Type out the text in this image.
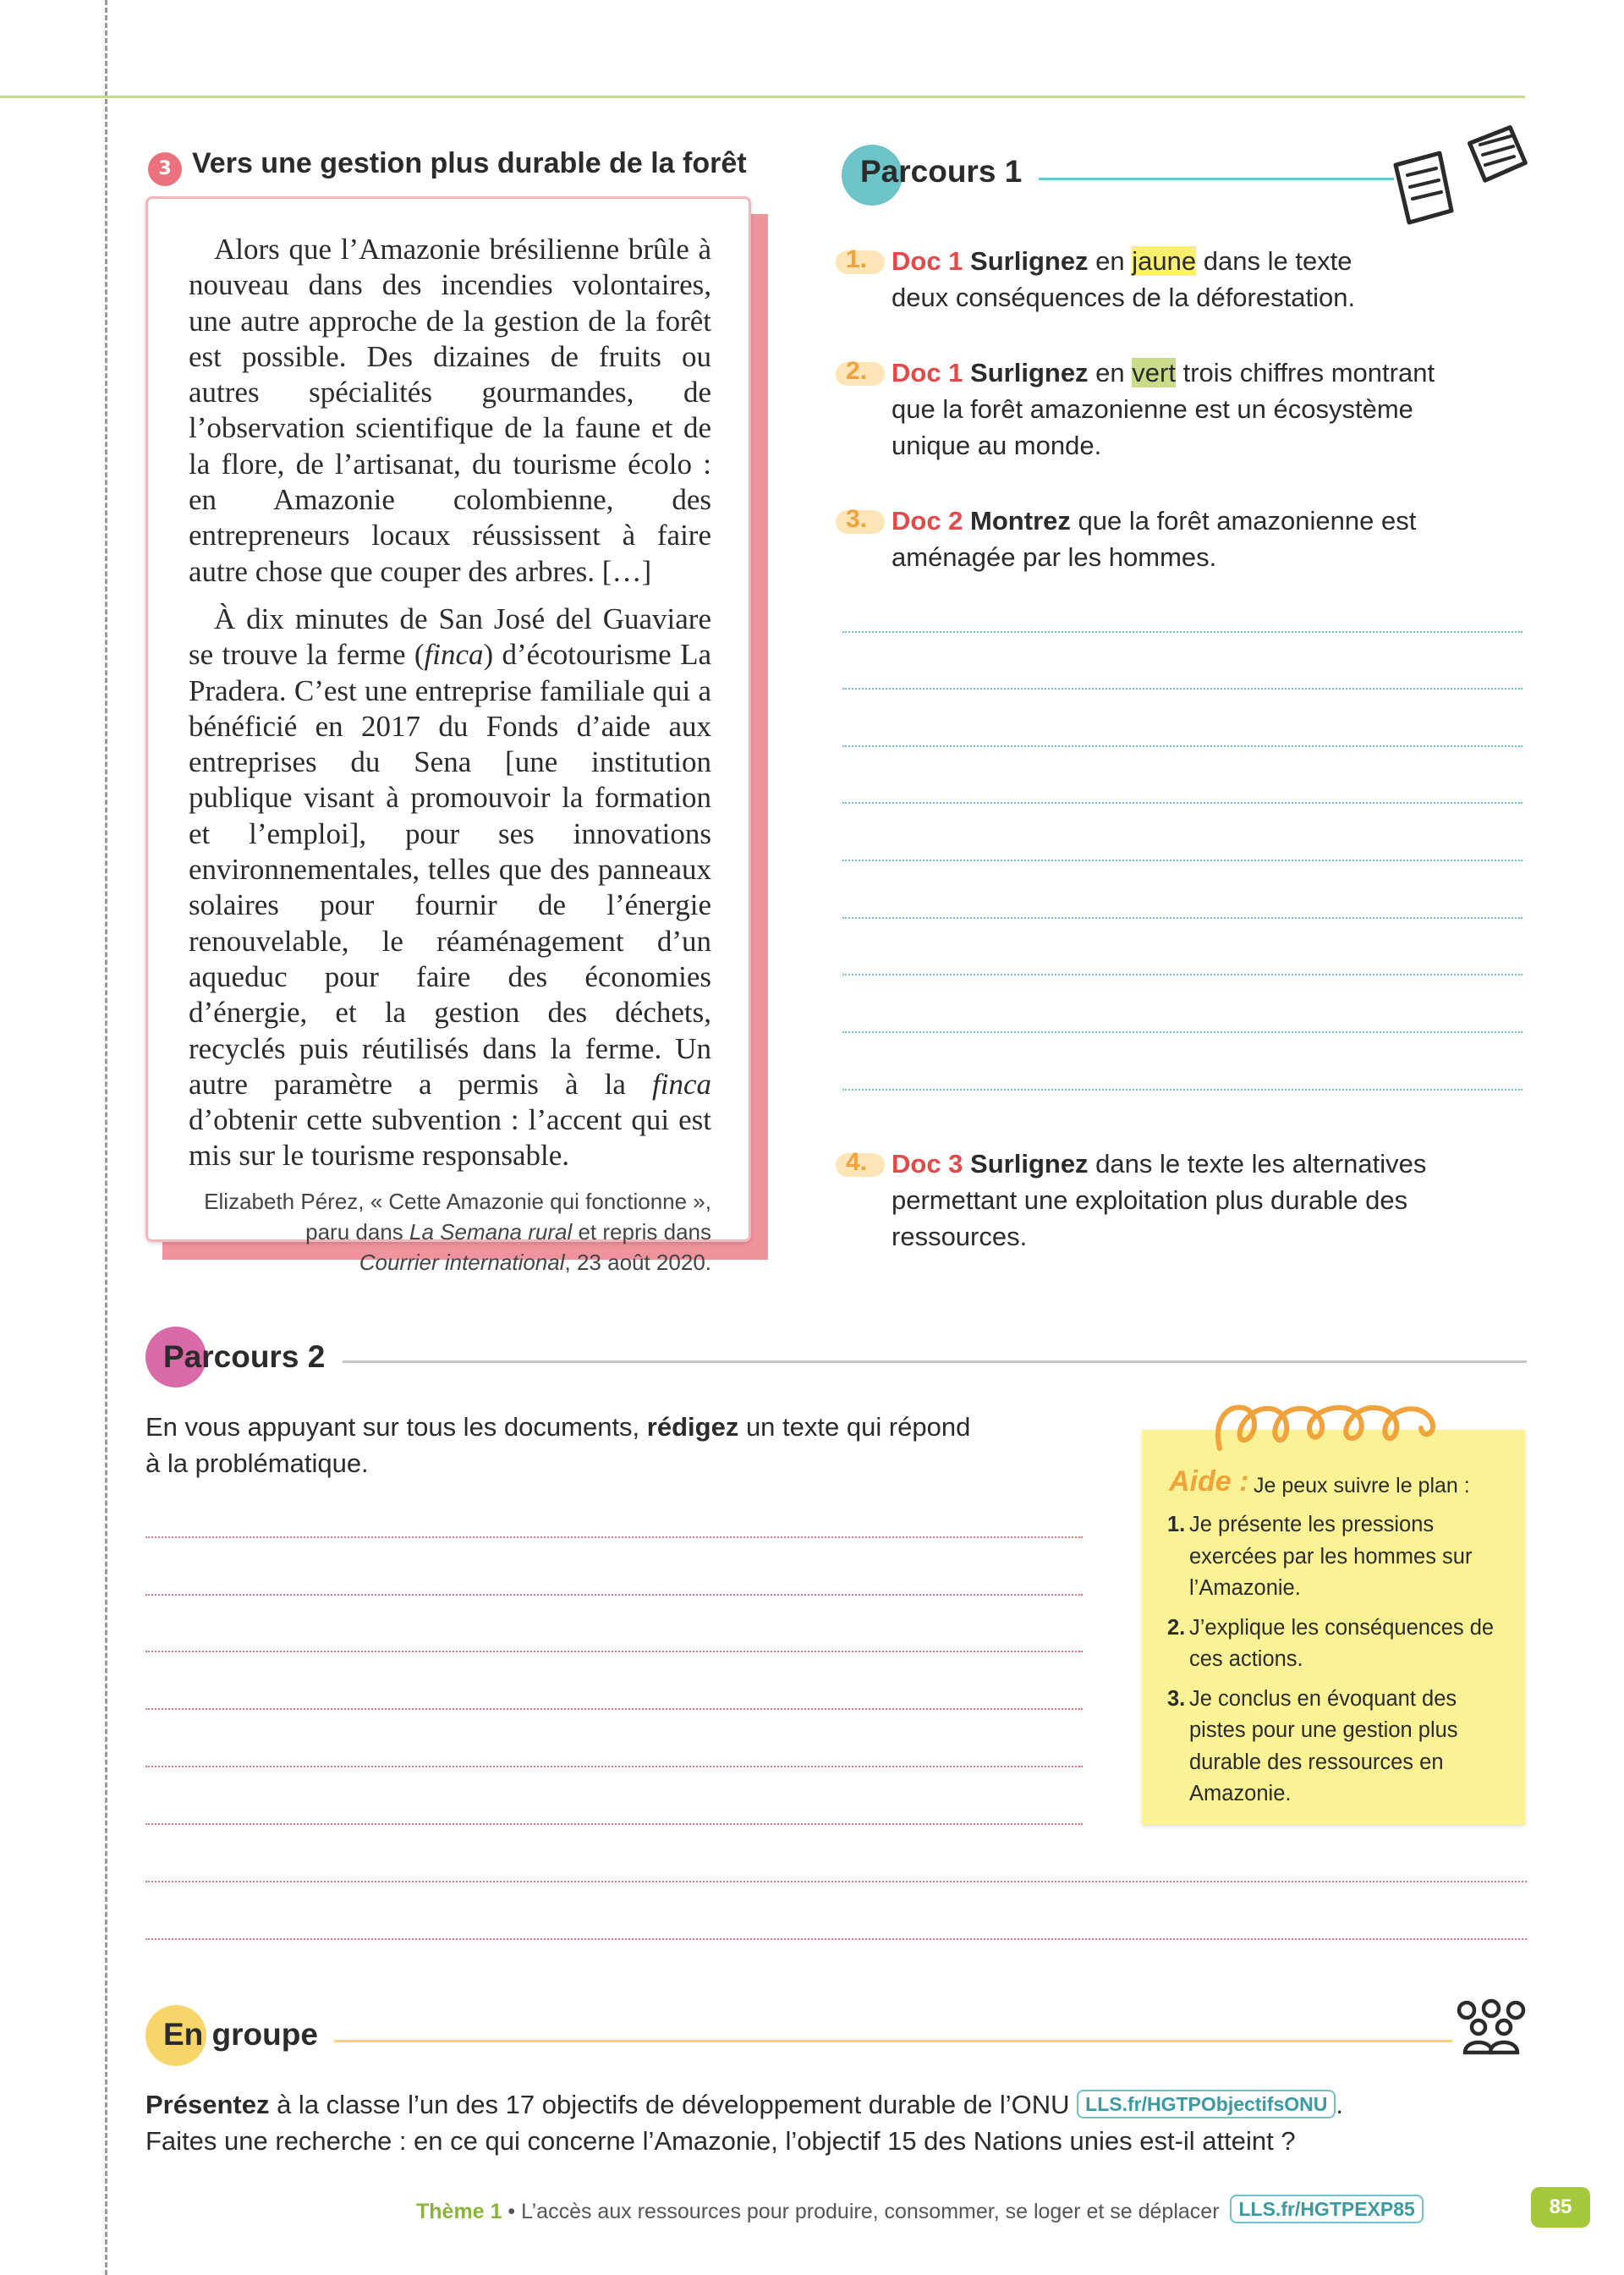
3 Vers une gestion plus durable de la forêt

Alors que l’Amazonie brésilienne brûle à nouveau dans des incendies volontaires, une autre approche de la gestion de la forêt est possible. Des dizaines de fruits ou autres spécialités gourmandes, de l’observation scientifique de la faune et de la flore, de l’artisanat, du tourisme écolo : en Amazonie colombienne, des entrepreneurs locaux réussissent à faire autre chose que couper des arbres. […]

À dix minutes de San José del Guaviare se trouve la ferme (finca) d’écotourisme La Pradera. C’est une entreprise familiale qui a bénéficié en 2017 du Fonds d’aide aux entreprises du Sena [une institution publique visant à promouvoir la formation et l’emploi], pour ses innovations environnementales, telles que des panneaux solaires pour fournir de l’énergie renouvelable, le réaménagement d’un aqueduc pour faire des économies d’énergie, et la gestion des déchets, recyclés puis réutilisés dans la ferme. Un autre paramètre a permis à la finca d’obtenir cette subvention : l’accent qui est mis sur le tourisme responsable.

Elizabeth Pérez, « Cette Amazonie qui fonctionne »,
paru dans La Semana rural et repris dans
Courrier international, 23 août 2020.

Parcours 1
1. Doc 1 Surlignez en jaune dans le texte
deux conséquences de la déforestation.
2. Doc 1 Surlignez en vert trois chiffres montrant
que la forêt amazonienne est un écosystème
unique au monde.
3. Doc 2 Montrez que la forêt amazonienne est
aménagée par les hommes.
4. Doc 3 Surlignez dans le texte les alternatives
permettant une exploitation plus durable des
ressources.
Parcours 2
En vous appuyant sur tous les documents, rédigez un texte qui répond
à la problématique.
Aide : Je peux suivre le plan :
1. Je présente les pressions exercées par les hommes sur l’Amazonie.
2. J’explique les conséquences de ces actions.
3. Je conclus en évoquant des pistes pour une gestion plus durable des ressources en Amazonie.
En groupe
Présentez à la classe l’un des 17 objectifs de développement durable de l’ONU LLS.fr/HGTPObjectifsONU .
Faites une recherche : en ce qui concerne l’Amazonie, l’objectif 15 des Nations unies est-il atteint ?
Thème 1 • L’accès aux ressources pour produire, consommer, se loger et se déplacer LLS.fr/HGTPEXP85	85
